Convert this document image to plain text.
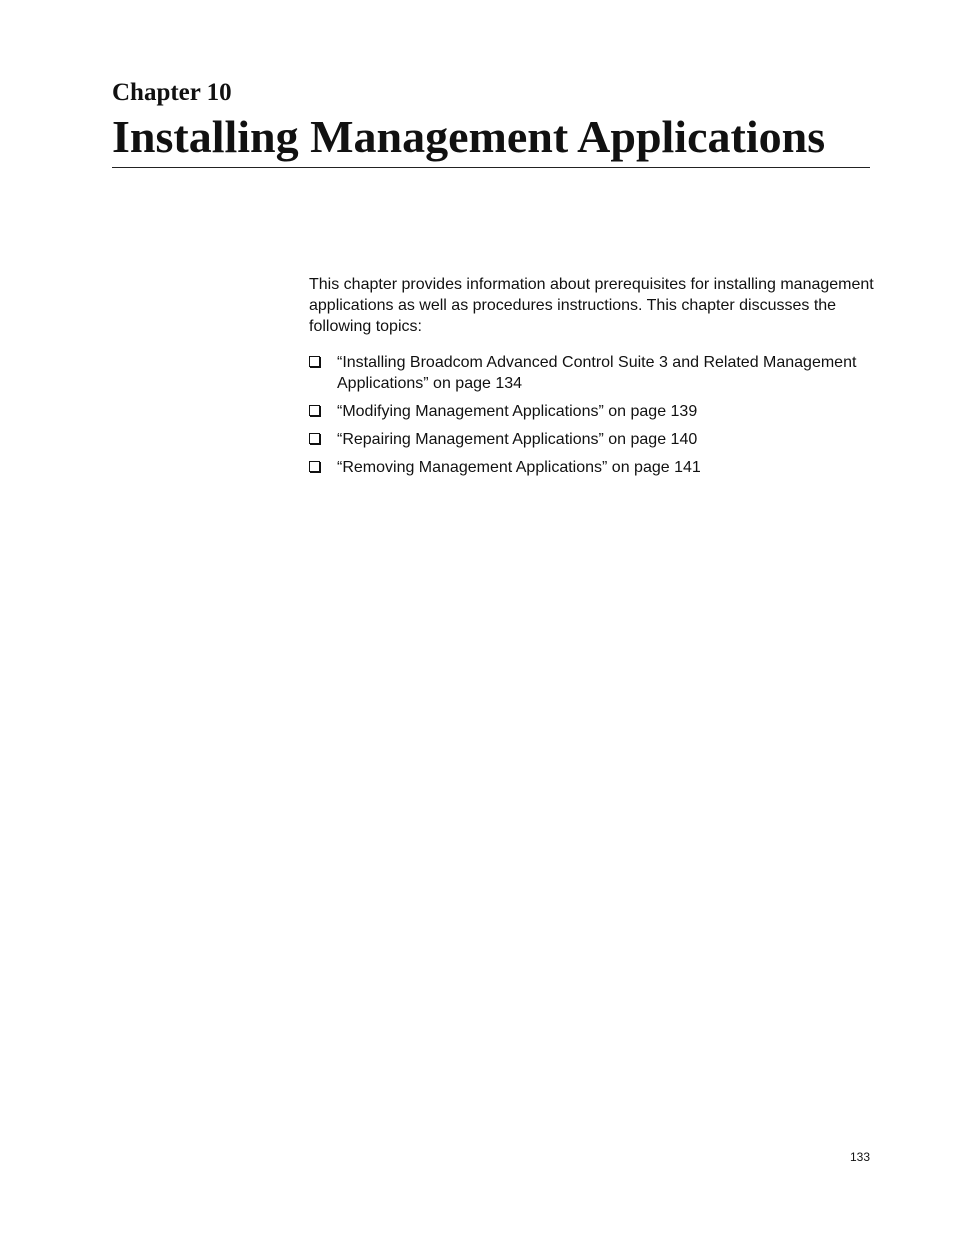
Chapter 10
Installing Management Applications

This chapter provides information about prerequisites for installing management applications as well as procedures instructions. This chapter discusses the following topics:

“Installing Broadcom Advanced Control Suite 3 and Related Management Applications” on page 134
“Modifying Management Applications” on page 139
“Repairing Management Applications” on page 140
“Removing Management Applications” on page 141

133
